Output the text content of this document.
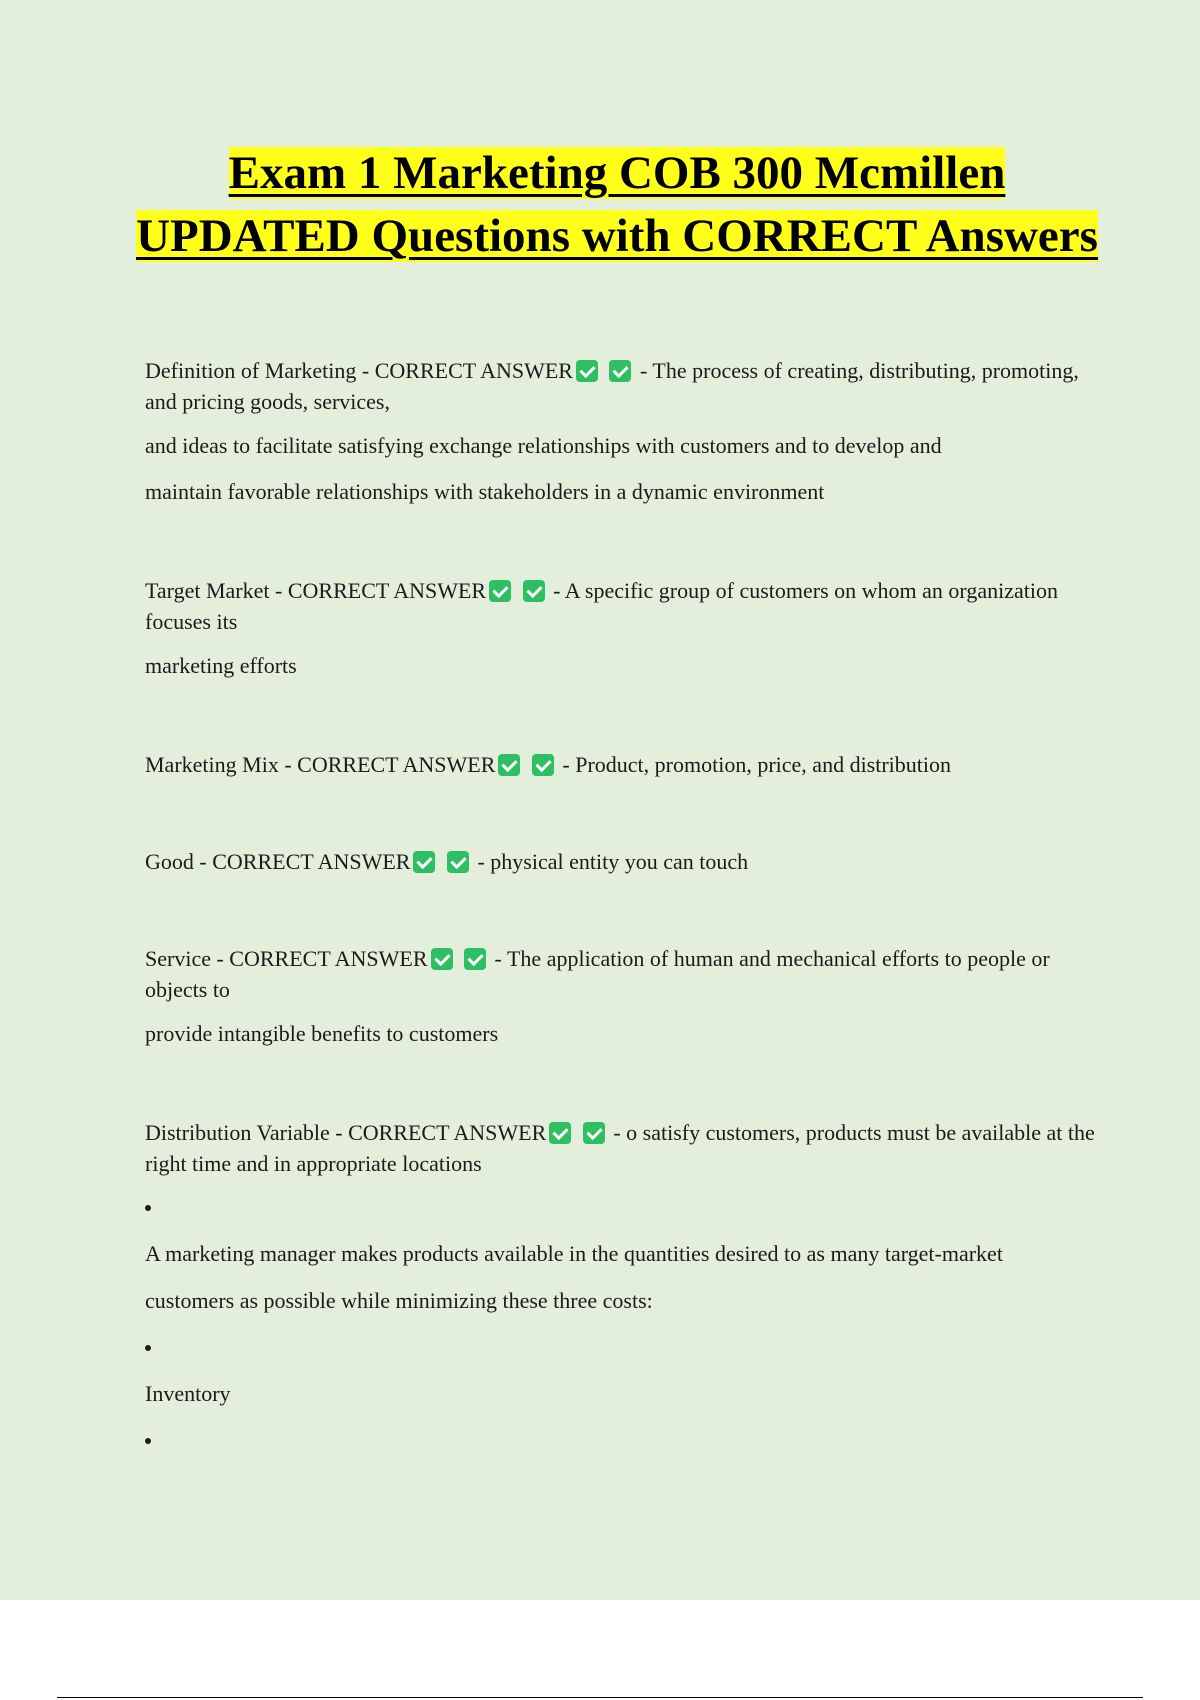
Exam 1 Marketing COB 300 Mcmillen UPDATED Questions with CORRECT Answers
Definition of Marketing - CORRECT ANSWER	- The process of creating, distributing, promoting, and pricing goods, services,
and ideas to facilitate satisfying exchange relationships with customers and to develop and
maintain favorable relationships with stakeholders in a dynamic environment
Target Market - CORRECT ANSWER	- A specific group of customers on whom an organization focuses its
marketing efforts
Marketing Mix - CORRECT ANSWER	- Product, promotion, price, and distribution
Good - CORRECT ANSWER	- physical entity you can touch
Service - CORRECT ANSWER	- The application of human and mechanical efforts to people or objects to
provide intangible benefits to customers
Distribution Variable - CORRECT ANSWER	- o satisfy customers, products must be available at the right time and in appropriate locations
A marketing manager makes products available in the quantities desired to as many target-market
customers as possible while minimizing these three costs:
Inventory
